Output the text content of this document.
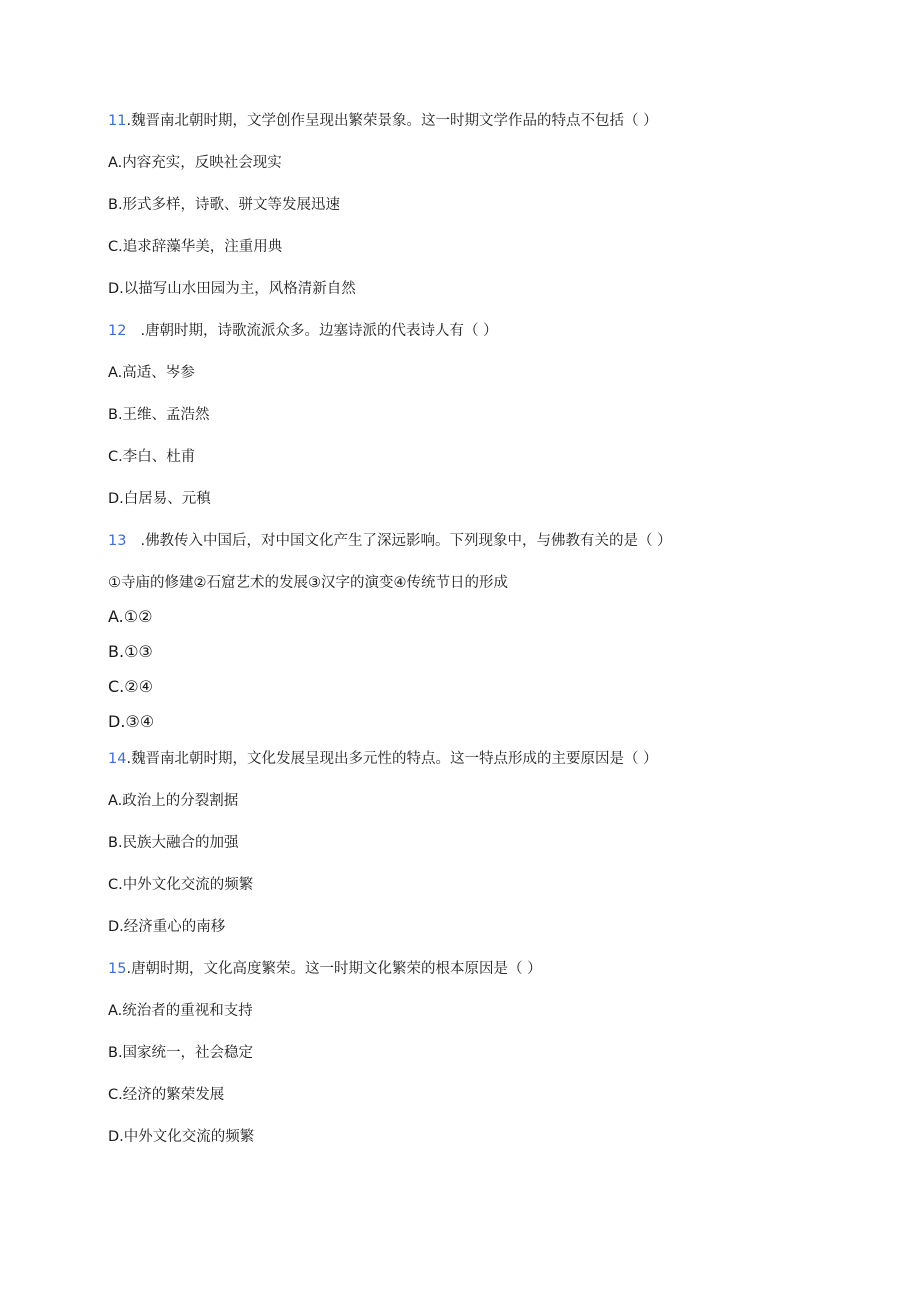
11.魏晋南北朝时期，文学创作呈现出繁荣景象。这一时期文学作品的特点不包括（ ）
A.内容充实，反映社会现实
B.形式多样，诗歌、骈文等发展迅速
C.追求辞藻华美，注重用典
D.以描写山水田园为主，风格清新自然
12 .唐朝时期，诗歌流派众多。边塞诗派的代表诗人有（ ）
A.高适、岑参
B.王维、孟浩然
C.李白、杜甫
D.白居易、元稹
13 .佛教传入中国后，对中国文化产生了深远影响。下列现象中，与佛教有关的是（ ）
①寺庙的修建②石窟艺术的发展③汉字的演变④传统节日的形成
A.①②
B.①③
C.②④
D.③④
14.魏晋南北朝时期，文化发展呈现出多元性的特点。这一特点形成的主要原因是（ ）
A.政治上的分裂割据
B.民族大融合的加强
C.中外文化交流的频繁
D.经济重心的南移
15.唐朝时期，文化高度繁荣。这一时期文化繁荣的根本原因是（ ）
A.统治者的重视和支持
B.国家统一，社会稳定
C.经济的繁荣发展
D.中外文化交流的频繁
